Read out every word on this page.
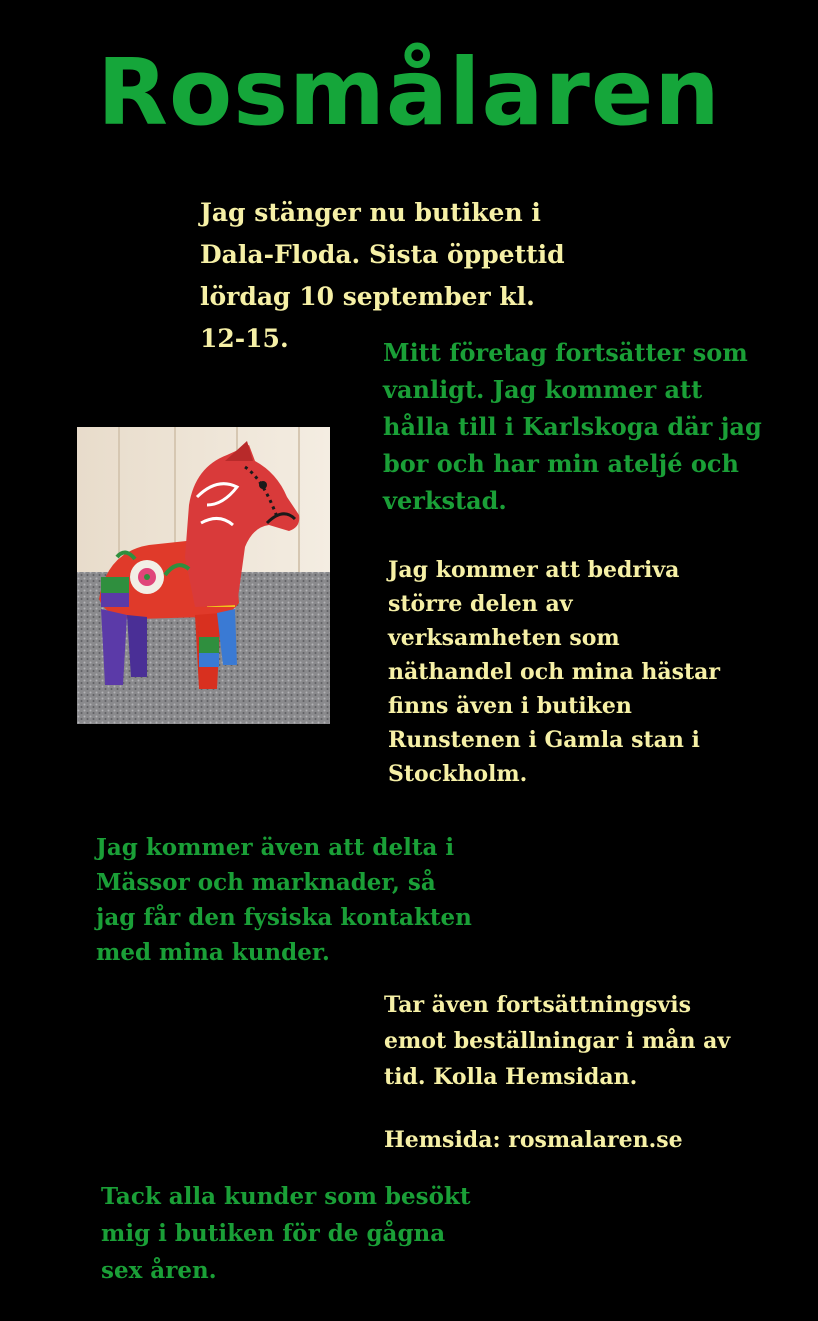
Rosmålaren
Jag stänger nu butiken i
Dala-Floda. Sista öppettid
lördag 10 september kl.
12-15.	Mitt företag fortsätter som
vanligt. Jag kommer att
hålla till i Karlskoga där jag
bor och har min ateljé och
verkstad.
Jag kommer att bedriva
större delen av
verksamheten som
näthandel och mina hästar
finns även i butiken
Runstenen i Gamla stan i
Stockholm.
Jag kommer även att delta i
Mässor och marknader, så
jag får den fysiska kontakten
med mina kunder.
Tar även fortsättningsvis
emot beställningar i mån av
tid. Kolla Hemsidan.
Hemsida: rosmalaren.se
Tack alla kunder som besökt
mig i butiken för de gågna
sex åren.
